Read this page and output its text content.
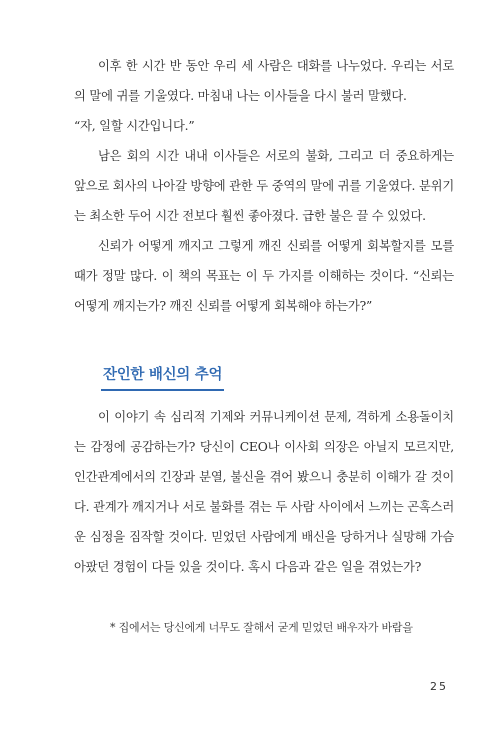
이후 한 시간 반 동안 우리 세 사람은 대화를 나누었다. 우리는 서로의 말에 귀를 기울였다. 마침내 나는 이사들을 다시 불러 말했다.

“자, 일할 시간입니다.”

남은 회의 시간 내내 이사들은 서로의 불화, 그리고 더 중요하게는 앞으로 회사의 나아갈 방향에 관한 두 중역의 말에 귀를 기울였다. 분위기는 최소한 두어 시간 전보다 훨씬 좋아졌다. 급한 불은 끌 수 있었다.

신뢰가 어떻게 깨지고 그렇게 깨진 신뢰를 어떻게 회복할지를 모를 때가 정말 많다. 이 책의 목표는 이 두 가지를 이해하는 것이다. “신뢰는 어떻게 깨지는가? 깨진 신뢰를 어떻게 회복해야 하는가?”

잔인한 배신의 추억

이 이야기 속 심리적 기제와 커뮤니케이션 문제, 격하게 소용돌이치는 감정에 공감하는가? 당신이 CEO나 이사회 의장은 아닐지 모르지만, 인간관계에서의 긴장과 분열, 불신을 겪어 봤으니 충분히 이해가 갈 것이다. 관계가 깨지거나 서로 불화를 겪는 두 사람 사이에서 느끼는 곤혹스러운 심정을 짐작할 것이다. 믿었던 사람에게 배신을 당하거나 실망해 가슴 아팠던 경험이 다들 있을 것이다. 혹시 다음과 같은 일을 겪었는가?

* 집에서는 당신에게 너무도 잘해서 굳게 믿었던 배우자가 바람을
25
